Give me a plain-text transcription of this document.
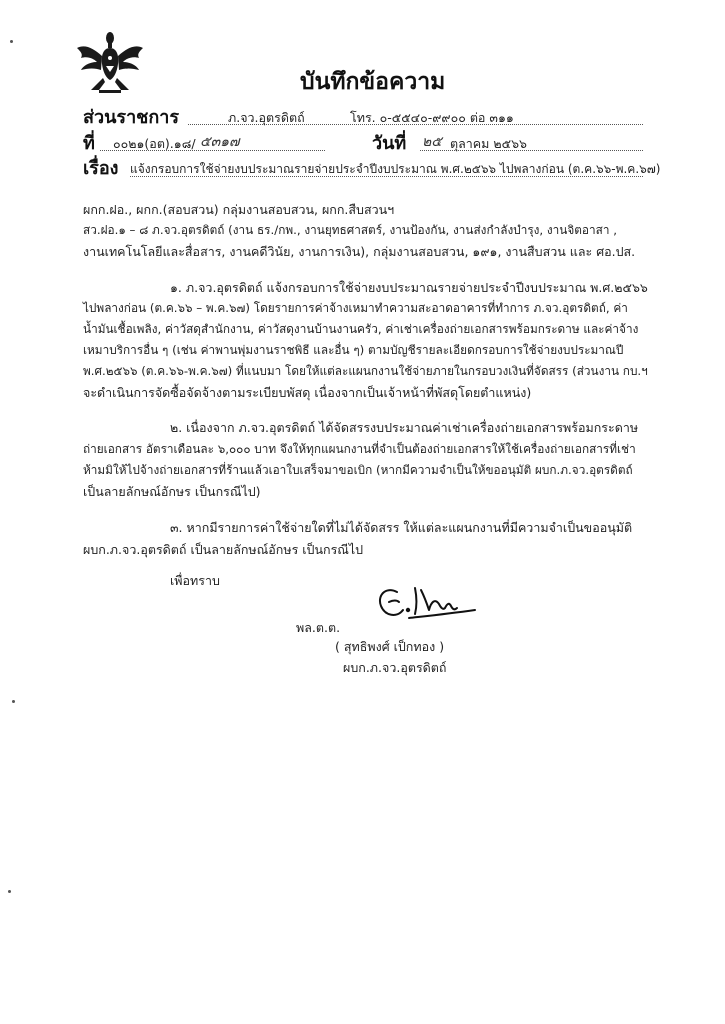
บันทึกข้อความ
ส่วนราชการ	ภ.จว.อุตรดิตถ์	โทร. ๐-๕๕๔๐-๙๙๐๐ ต่อ ๓๑๑
ที่ ๐๐๒๑(อต).๑๘/ ๕๓๑๗	วันที่ ๒๕ ตุลาคม ๒๕๖๖
เรื่อง แจ้งกรอบการใช้จ่ายงบประมาณรายจ่ายประจำปีงบประมาณ พ.ศ.๒๕๖๖ ไปพลางก่อน (ต.ค.๖๖-พ.ค.๖๗)
ผกก.ฝอ., ผกก.(สอบสวน) กลุ่มงานสอบสวน, ผกก.สืบสวนฯ
สว.ฝอ.๑ – ๘ ภ.จว.อุตรดิตถ์ (งาน ธร./กพ., งานยุทธศาสตร์, งานป้องกัน, งานส่งกำลังบำรุง, งานจิตอาสา ,
งานเทคโนโลยีและสื่อสาร, งานคดีวินัย, งานการเงิน), กลุ่มงานสอบสวน, ๑๙๑, งานสืบสวน และ ศอ.ปส.
๑. ภ.จว.อุตรดิตถ์ แจ้งกรอบการใช้จ่ายงบประมาณรายจ่ายประจำปีงบประมาณ พ.ศ.๒๕๖๖
ไปพลางก่อน (ต.ค.๖๖ – พ.ค.๖๗) โดยรายการค่าจ้างเหมาทำความสะอาดอาคารที่ทำการ ภ.จว.อุตรดิตถ์, ค่า
น้ำมันเชื้อเพลิง, ค่าวัสดุสำนักงาน, ค่าวัสดุงานบ้านงานครัว, ค่าเช่าเครื่องถ่ายเอกสารพร้อมกระดาษ และค่าจ้าง
เหมาบริการอื่น ๆ (เช่น ค่าพานพุ่มงานราชพิธี และอื่น ๆ) ตามบัญชีรายละเอียดกรอบการใช้จ่ายงบประมาณปี
พ.ศ.๒๕๖๖ (ต.ค.๖๖-พ.ค.๖๗) ที่แนบมา โดยให้แต่ละแผนกงานใช้จ่ายภายในกรอบวงเงินที่จัดสรร (ส่วนงาน กบ.ฯ
จะดำเนินการจัดซื้อจัดจ้างตามระเบียบพัสดุ เนื่องจากเป็นเจ้าหน้าที่พัสดุโดยตำแหน่ง)
๒. เนื่องจาก ภ.จว.อุตรดิตถ์ ได้จัดสรรงบประมาณค่าเช่าเครื่องถ่ายเอกสารพร้อมกระดาษ
ถ่ายเอกสาร อัตราเดือนละ ๖,๐๐๐ บาท จึงให้ทุกแผนกงานที่จำเป็นต้องถ่ายเอกสารให้ใช้เครื่องถ่ายเอกสารที่เช่า
ห้ามมิให้ไปจ้างถ่ายเอกสารที่ร้านแล้วเอาใบเสร็จมาขอเบิก (หากมีความจำเป็นให้ขออนุมัติ ผบก.ภ.จว.อุตรดิตถ์
เป็นลายลักษณ์อักษร เป็นกรณีไป)
๓. หากมีรายการค่าใช้จ่ายใดที่ไม่ได้จัดสรร ให้แต่ละแผนกงานที่มีความจำเป็นขออนุมัติ
ผบก.ภ.จว.อุตรดิตถ์ เป็นลายลักษณ์อักษร เป็นกรณีไป
เพื่อทราบ
พล.ต.ต.
( สุทธิพงศ์ เป็กทอง )
ผบก.ภ.จว.อุตรดิตถ์
